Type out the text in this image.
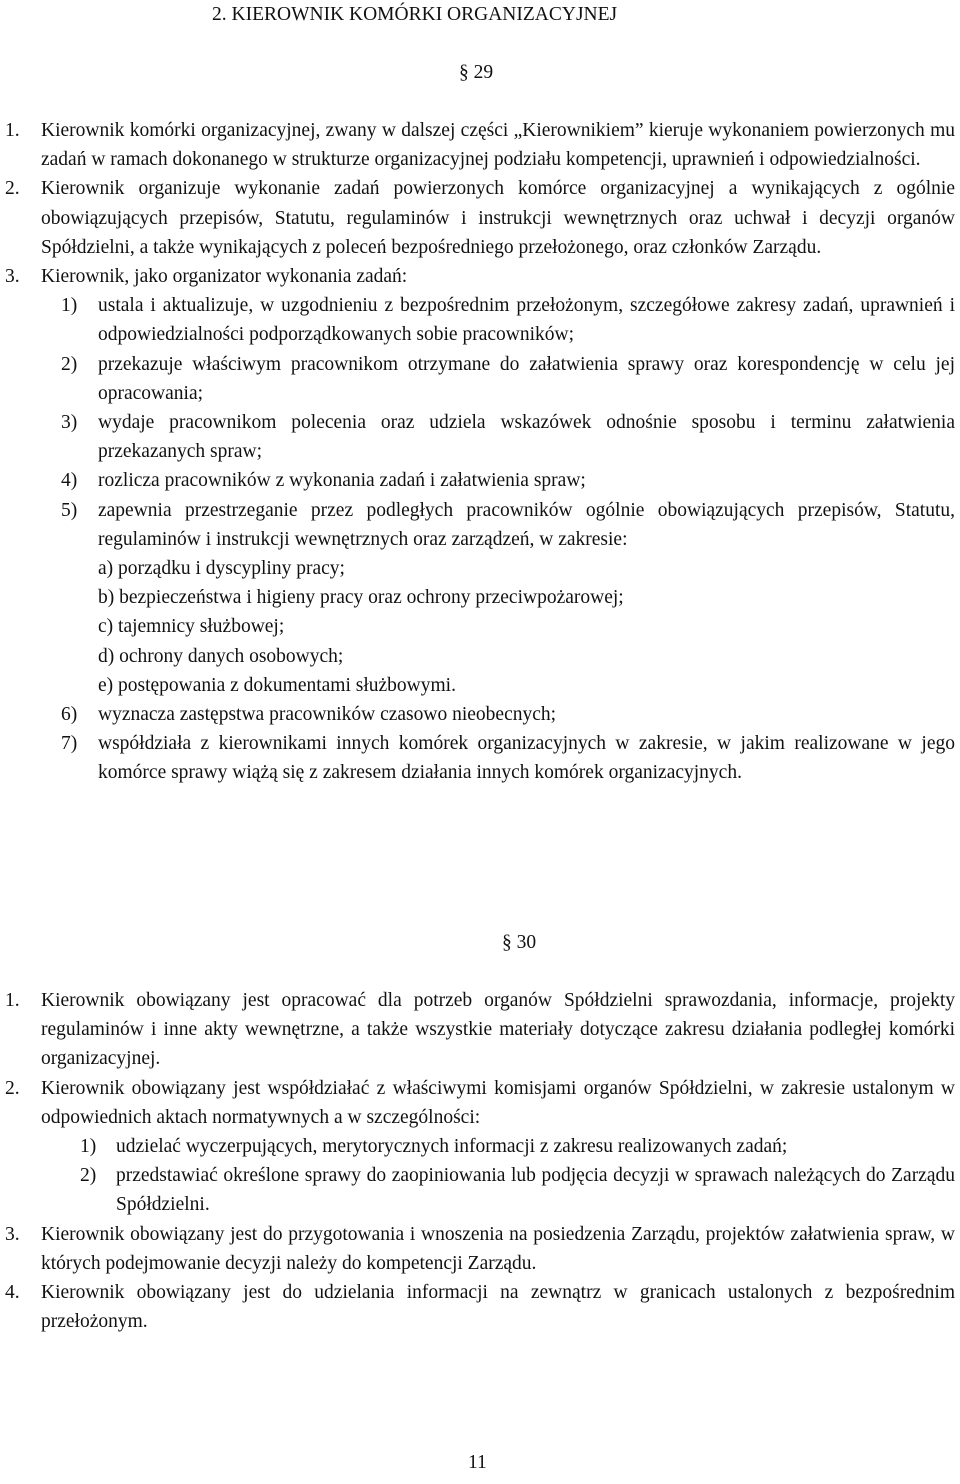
2. KIEROWNIK KOMÓRKI ORGANIZACYJNEJ
§ 29
1. Kierownik komórki organizacyjnej, zwany w dalszej części „Kierownikiem” kieruje wykonaniem powierzonych mu zadań w ramach dokonanego w strukturze organizacyjnej podziału kompetencji, uprawnień i odpowiedzialności.
2. Kierownik organizuje wykonanie zadań powierzonych komórce organizacyjnej a wynikających z ogólnie obowiązujących przepisów, Statutu, regulaminów i instrukcji wewnętrznych oraz uchwał i decyzji organów Spółdzielni, a także wynikających z poleceń bezpośredniego przełożonego, oraz członków Zarządu.
3. Kierownik, jako organizator wykonania zadań:
1) ustala i aktualizuje, w uzgodnieniu z bezpośrednim przełożonym, szczegółowe zakresy zadań, uprawnień i odpowiedzialności podporządkowanych sobie pracowników;
2) przekazuje właściwym pracownikom otrzymane do załatwienia sprawy oraz korespondencję w celu jej opracowania;
3) wydaje pracownikom polecenia oraz udziela wskazówek odnośnie sposobu i terminu załatwienia przekazanych spraw;
4) rozlicza pracowników z wykonania zadań i załatwienia spraw;
5) zapewnia przestrzeganie przez podległych pracowników ogólnie obowiązujących przepisów, Statutu, regulaminów i instrukcji wewnętrznych oraz zarządzeń, w zakresie:
a) porządku i dyscypliny pracy;
b) bezpieczeństwa i higieny pracy oraz ochrony przeciwpożarowej;
c) tajemnicy służbowej;
d) ochrony danych osobowych;
e) postępowania z dokumentami służbowymi.
6) wyznacza zastępstwa pracowników czasowo nieobecnych;
7) współdziała z kierownikami innych komórek organizacyjnych w zakresie, w jakim realizowane w jego komórce sprawy wiążą się z zakresem działania innych komórek organizacyjnych.
§ 30
1. Kierownik obowiązany jest opracować dla potrzeb organów Spółdzielni sprawozdania, informacje, projekty regulaminów i inne akty wewnętrzne, a także wszystkie materiały dotyczące zakresu działania podległej komórki organizacyjnej.
2. Kierownik obowiązany jest współdziałać z właściwymi komisjami organów Spółdzielni, w zakresie ustalonym w odpowiednich aktach normatywnych a w szczególności:
1) udzielać wyczerpujących, merytorycznych informacji z zakresu realizowanych zadań;
2) przedstawiać określone sprawy do zaopiniowania lub podjęcia decyzji w sprawach należących do Zarządu Spółdzielni.
3. Kierownik obowiązany jest do przygotowania i wnoszenia na posiedzenia Zarządu, projektów załatwienia spraw, w których podejmowanie decyzji należy do kompetencji Zarządu.
4. Kierownik obowiązany jest do udzielania informacji na zewnątrz w granicach ustalonych z bezpośrednim przełożonym.
11
